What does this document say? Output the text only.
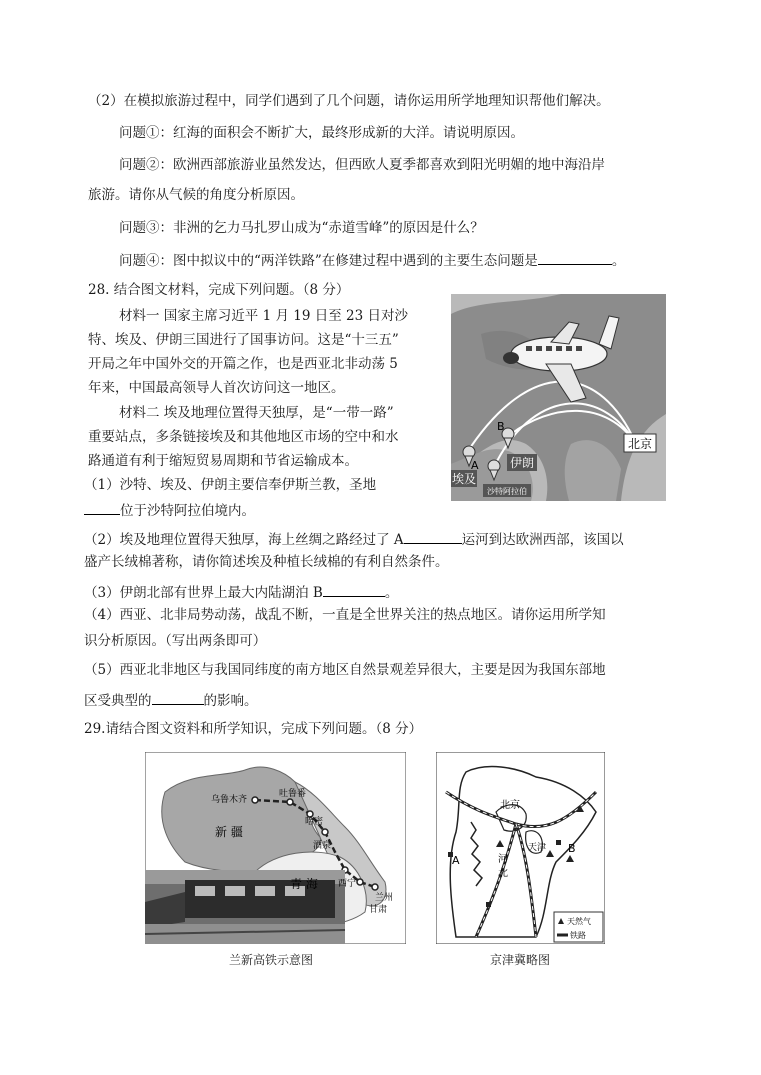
（2）在模拟旅游过程中，同学们遇到了几个问题，请你运用所学地理知识帮他们解决。
问题①：红海的面积会不断扩大，最终形成新的大洋。请说明原因。
问题②：欧洲西部旅游业虽然发达，但西欧人夏季都喜欢到阳光明媚的地中海沿岸
旅游。请你从气候的角度分析原因。
问题③：非洲的乞力马扎罗山成为“赤道雪峰”的原因是什么？
问题④：图中拟议中的“两洋铁路”在修建过程中遇到的主要生态问题是	。
28. 结合图文材料，完成下列问题。（8 分）
材料一 国家主席习近平 1 月 19 日至 23 日对沙
特、埃及、伊朗三国进行了国事访问。这是“十三五”
开局之年中国外交的开篇之作，也是西亚北非动荡 5
年来，中国最高领导人首次访问这一地区。
材料二 埃及地理位置得天独厚，是“一带一路”
重要站点，多条链接埃及和其他地区市场的空中和水
路通道有利于缩短贸易周期和节省运输成本。
（1）沙特、埃及、伊朗主要信奉伊斯兰教，圣地
位于沙特阿拉伯境内。
（2）埃及地理位置得天独厚，海上丝绸之路经过了 A	运河到达欧洲西部，该国以
盛产长绒棉著称，请你简述埃及种植长绒棉的有利自然条件。
（3）伊朗北部有世界上最大内陆湖泊 B	。
（4）西亚、北非局势动荡，战乱不断，一直是全世界关注的热点地区。请你运用所学知
识分析原因。（写出两条即可）
（5）西亚北非地区与我国同纬度的南方地区自然景观差异很大，主要是因为我国东部地
区受典型的	的影响。
北京
伊朗
埃及
沙特阿拉伯
A
B
29.请结合图文资料和所学知识，完成下列问题。（8 分）
乌鲁木齐
吐鲁番
哈密
新 疆
酒泉
青 海 西宁
兰州
甘肃
兰新高铁示意图
北京
天津
河
北
A
B
天然气
铁路
京津冀略图
